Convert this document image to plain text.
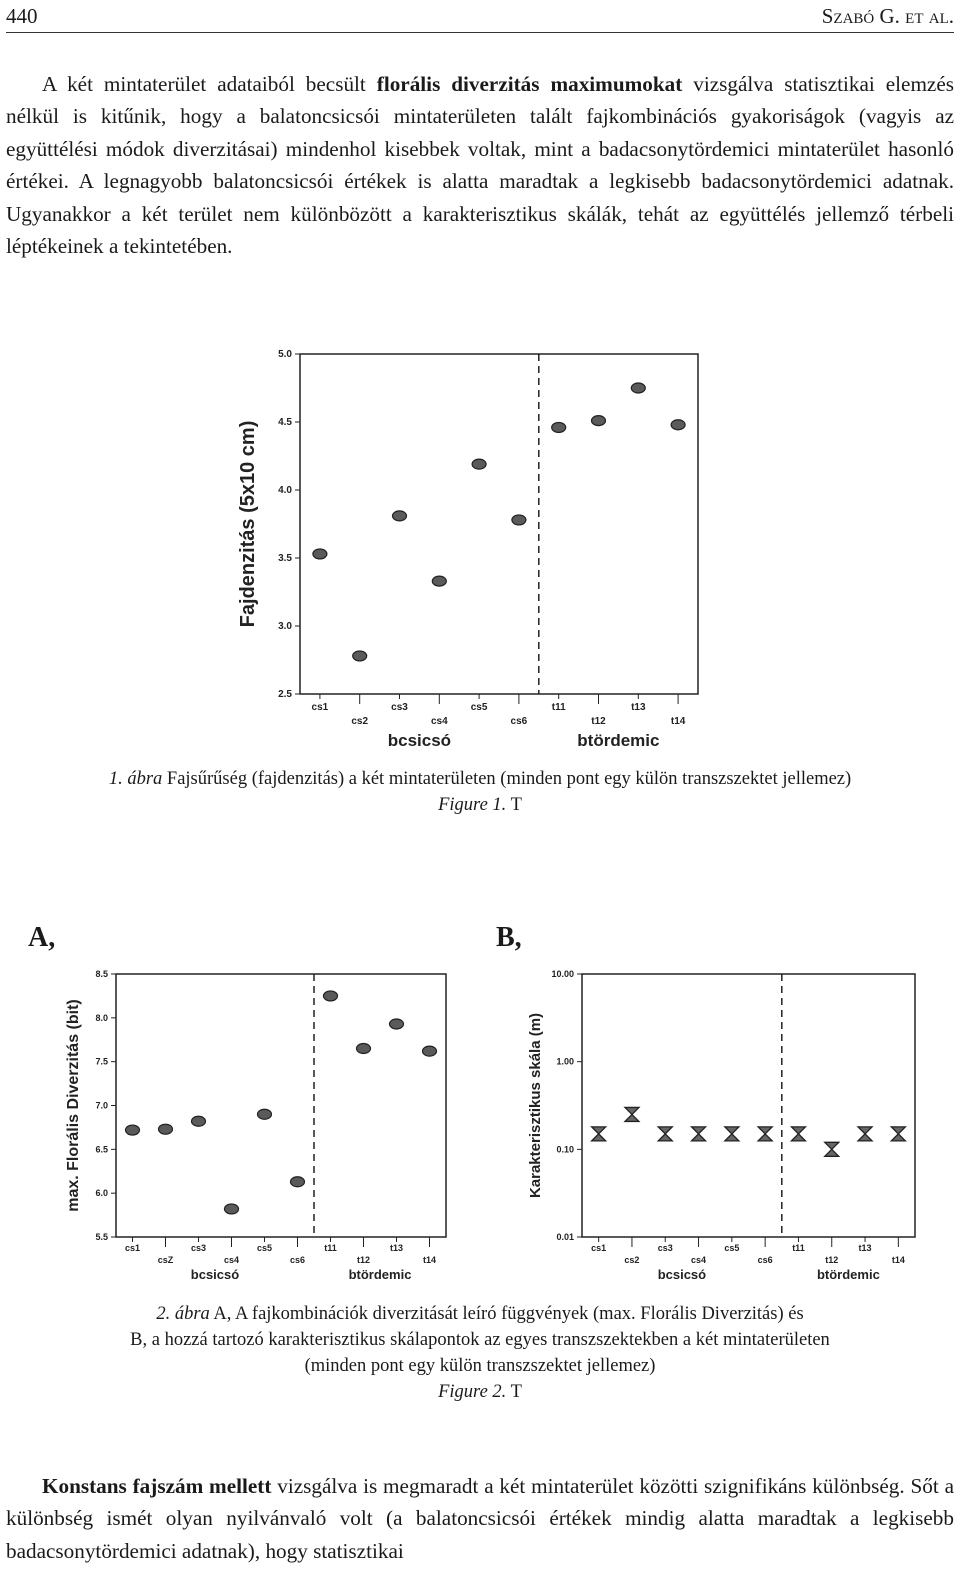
440	Szabó G. et al.

A két mintaterület adataiból becsült florális diverzitás maximumokat vizsgálva statisztikai elemzés nélkül is kitűnik, hogy a balatoncsicsói mintaterületen talált fajkombinációs gyakoriságok (vagyis az együttélési módok diverzitásai) mindenhol kisebbek voltak, mint a badacsonytördemici mintaterület hasonló értékei. A legnagyobb balatoncsicsói értékek is alatta maradtak a legkisebb badacsonytördemici adatnak. Ugyanakkor a két terület nem különbözött a karakterisztikus skálák, tehát az együttélés jellemző térbeli léptékeinek a tekintetében.

2.5
3.0
3.5
4.0
4.5
5.0
Fajdenzitás (5x10 cm)
cs1
cs2
cs3
cs4
cs5
cs6
t11
t12
t13
t14
bcsicsó	btördemic
1. ábra Fajsűrűség (fajdenzitás) a két mintaterületen (minden pont egy külön transzszektet jellemez)
Figure 1. T
A,	B,
5.5
6.0
6.5
7.0
7.5
8.0
8.5
max. Florális Diverzitás (bit)
cs1
csZ
cs3
cs4
cs5
cs6
t11
t12
t13
t14
bcsicsó	btördemic
0.01
0.10
1.00
10.00
Karakterisztikus skála (m)
cs1
cs2
cs3
cs4
cs5
cs6
t11
t12
t13
t14
bcsicsó	btördemic
2. ábra A, A fajkombinációk diverzitását leíró függvények (max. Florális Diverzitás) és
B, a hozzá tartozó karakterisztikus skálapontok az egyes transzszektekben a két mintaterületen
(minden pont egy külön transzszektet jellemez)
Figure 2. T

Konstans fajszám mellett vizsgálva is megmaradt a két mintaterület közötti szignifikáns különbség. Sőt a különbség ismét olyan nyilvánvaló volt (a balatoncsicsói értékek mindig alatta maradtak a legkisebb badacsonytördemici adatnak), hogy statisztikai
